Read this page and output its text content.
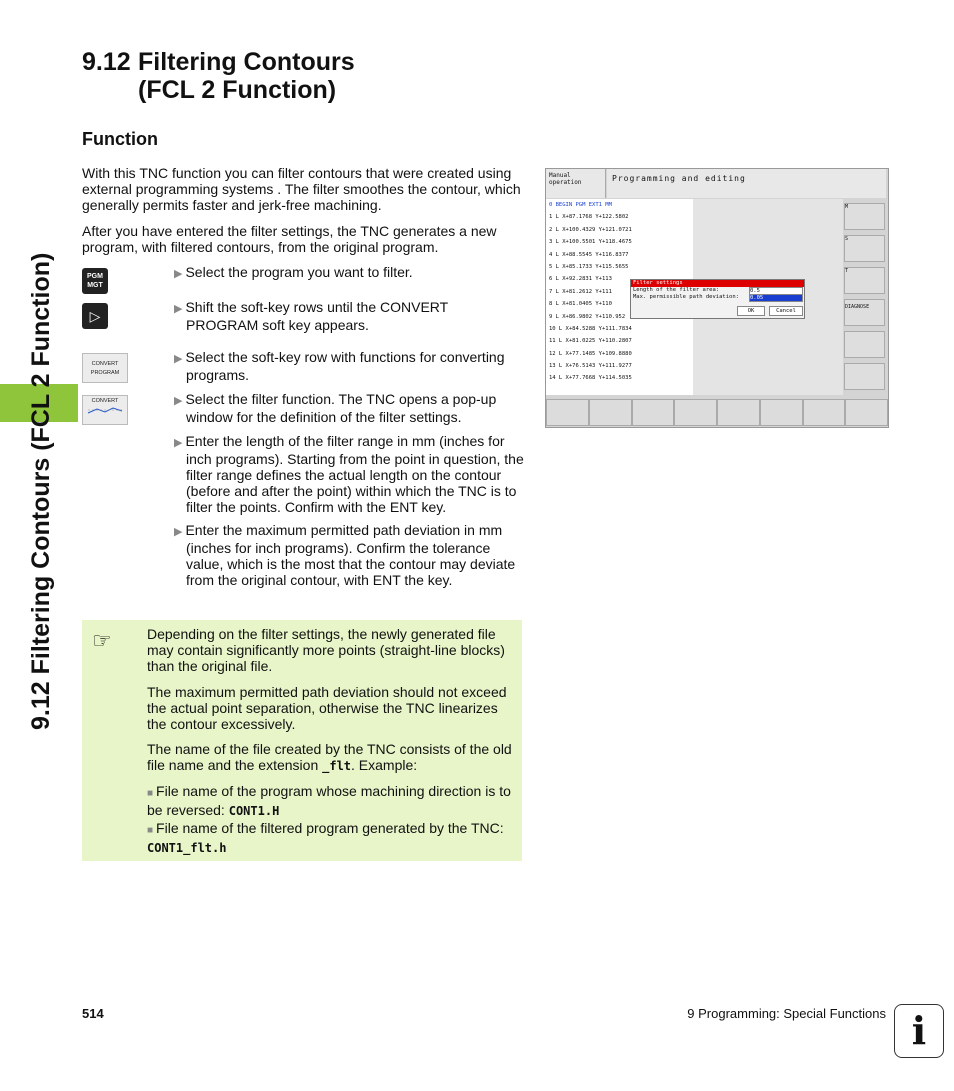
9.12 Filtering Contours (FCL 2 Function)
9.12 Filtering Contours
(FCL 2 Function)
Function

With this TNC function you can filter contours that were created using external programming systems . The filter smoothes the contour, which generally permits faster and jerk-free machining.

After you have entered the filter settings, the TNC generates a new program, with filtered contours, from the original program.

PGM
MGT
▷
CONVERT
PROGRAM
CONVERT
▶ Select the program you want to filter.
▶ Shift the soft-key rows until the CONVERT
PROGRAM soft key appears.
▶ Select the soft-key row with functions for converting
programs.
▶ Select the filter function. The TNC opens a pop-up
window for the definition of the filter settings.
▶ Enter the length of the filter range in mm (inches for
inch programs). Starting from the point in question, the filter range defines the actual length on the contour (before and after the point) within which the TNC is to filter the points. Confirm with the ENT key.
▶ Enter the maximum permitted path deviation in mm
(inches for inch programs). Confirm the tolerance value, which is the most that the contour may deviate from the original contour, with ENT the key.
Manual operation	Programming and editing
0 BEGIN PGM EXT1 MM
1 L X+87.1768 Y+122.5802
2 L X+100.4329 Y+121.0721
3 L X+100.5501 Y+118.4675
4 L X+88.5545 Y+116.8377
5 L X+85.1733 Y+115.5655
6 L X+92.2831 Y+113
7 L X+81.2612 Y+111
8 L X+81.0405 Y+110
9 L X+86.9802 Y+110.952
10 L X+84.5288 Y+111.7834
11 L X+81.0225 Y+110.2807
12 L X+77.1485 Y+109.8880
13 L X+76.5143 Y+111.9277
14 L X+77.7668 Y+114.5035
M
S
T
DIAGNOSE
Filter settings
Length of the filter area:	0.5
Max. permissible path deviation: 0.05
OK	Cancel
☞	Depending on the filter settings, the newly generated file may contain significantly more points (straight-line blocks) than the original file.

The maximum permitted path deviation should not exceed the actual point separation, otherwise the TNC linearizes the contour excessively.

The name of the file created by the TNC consists of the old file name and the extension _flt. Example:

■ File name of the program whose machining direction is to be reversed: CONT1.H
■ File name of the filtered program generated by the TNC: CONT1_flt.h
514	9 Programming: Special Functions i
